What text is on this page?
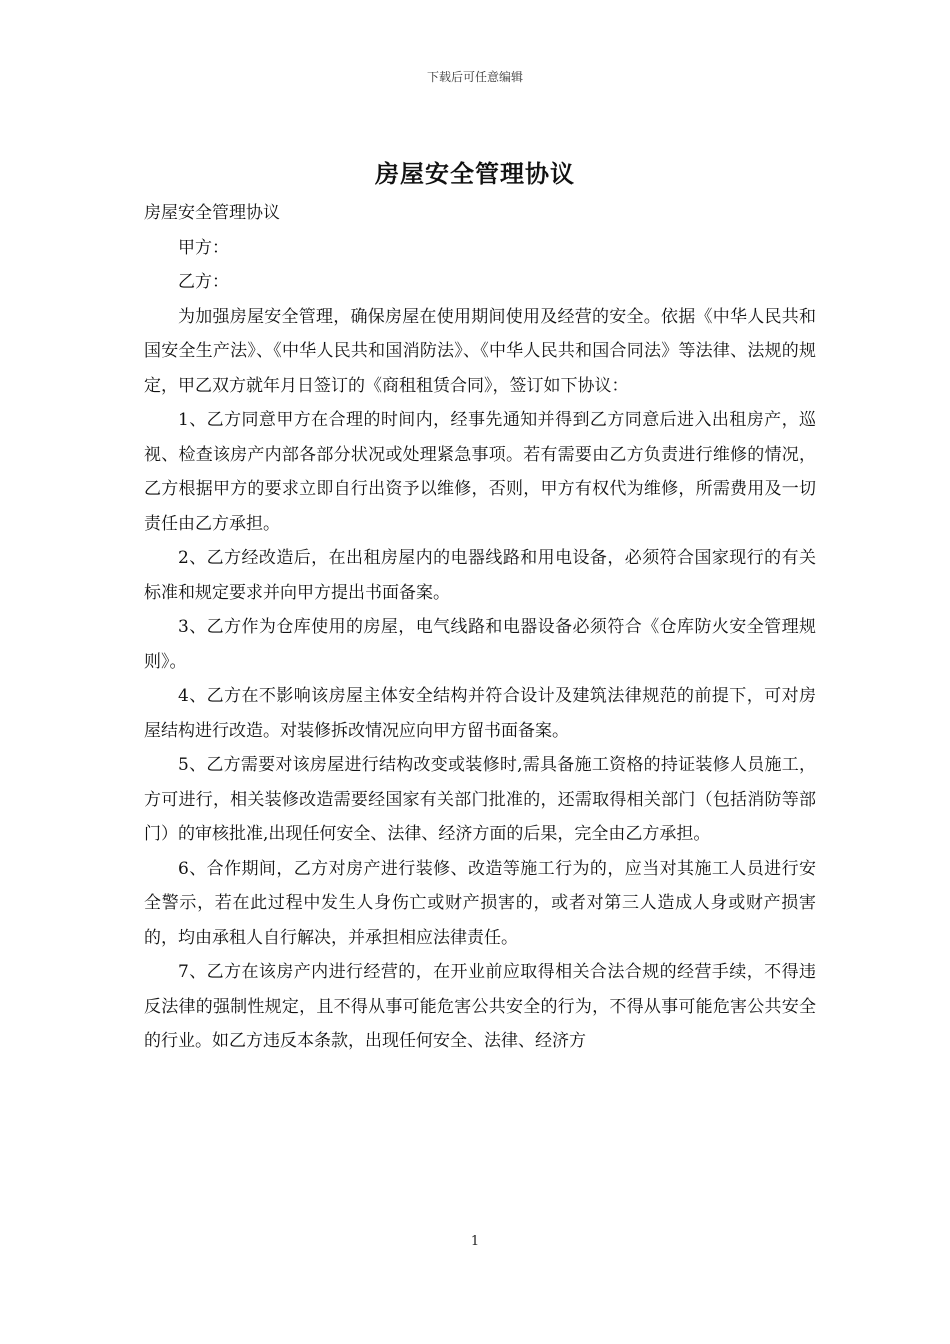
下载后可任意编辑
房屋安全管理协议

房屋安全管理协议

甲方：

乙方：

为加强房屋安全管理，确保房屋在使用期间使用及经营的安全。依据《中华人民共和国安全生产法》、《中华人民共和国消防法》、《中华人民共和国合同法》等法律、法规的规定，甲乙双方就年月日签订的《商租租赁合同》，签订如下协议：

1、乙方同意甲方在合理的时间内，经事先通知并得到乙方同意后进入出租房产，巡视、检查该房产内部各部分状况或处理紧急事项。若有需要由乙方负责进行维修的情况，乙方根据甲方的要求立即自行出资予以维修，否则，甲方有权代为维修，所需费用及一切责任由乙方承担。

2、乙方经改造后，在出租房屋内的电器线路和用电设备，必须符合国家现行的有关标准和规定要求并向甲方提出书面备案。

3、乙方作为仓库使用的房屋，电气线路和电器设备必须符合《仓库防火安全管理规则》。

4、乙方在不影响该房屋主体安全结构并符合设计及建筑法律规范的前提下，可对房屋结构进行改造。对装修拆改情况应向甲方留书面备案。

5、乙方需要对该房屋进行结构改变或装修时,需具备施工资格的持证装修人员施工，方可进行，相关装修改造需要经国家有关部门批准的，还需取得相关部门（包括消防等部门）的审核批准,出现任何安全、法律、经济方面的后果，完全由乙方承担。

6、合作期间，乙方对房产进行装修、改造等施工行为的，应当对其施工人员进行安全警示，若在此过程中发生人身伤亡或财产损害的，或者对第三人造成人身或财产损害的，均由承租人自行解决，并承担相应法律责任。

7、乙方在该房产内进行经营的，在开业前应取得相关合法合规的经营手续，不得违反法律的强制性规定，且不得从事可能危害公共安全的行为，不得从事可能危害公共安全的行业。如乙方违反本条款，出现任何安全、法律、经济方

1
